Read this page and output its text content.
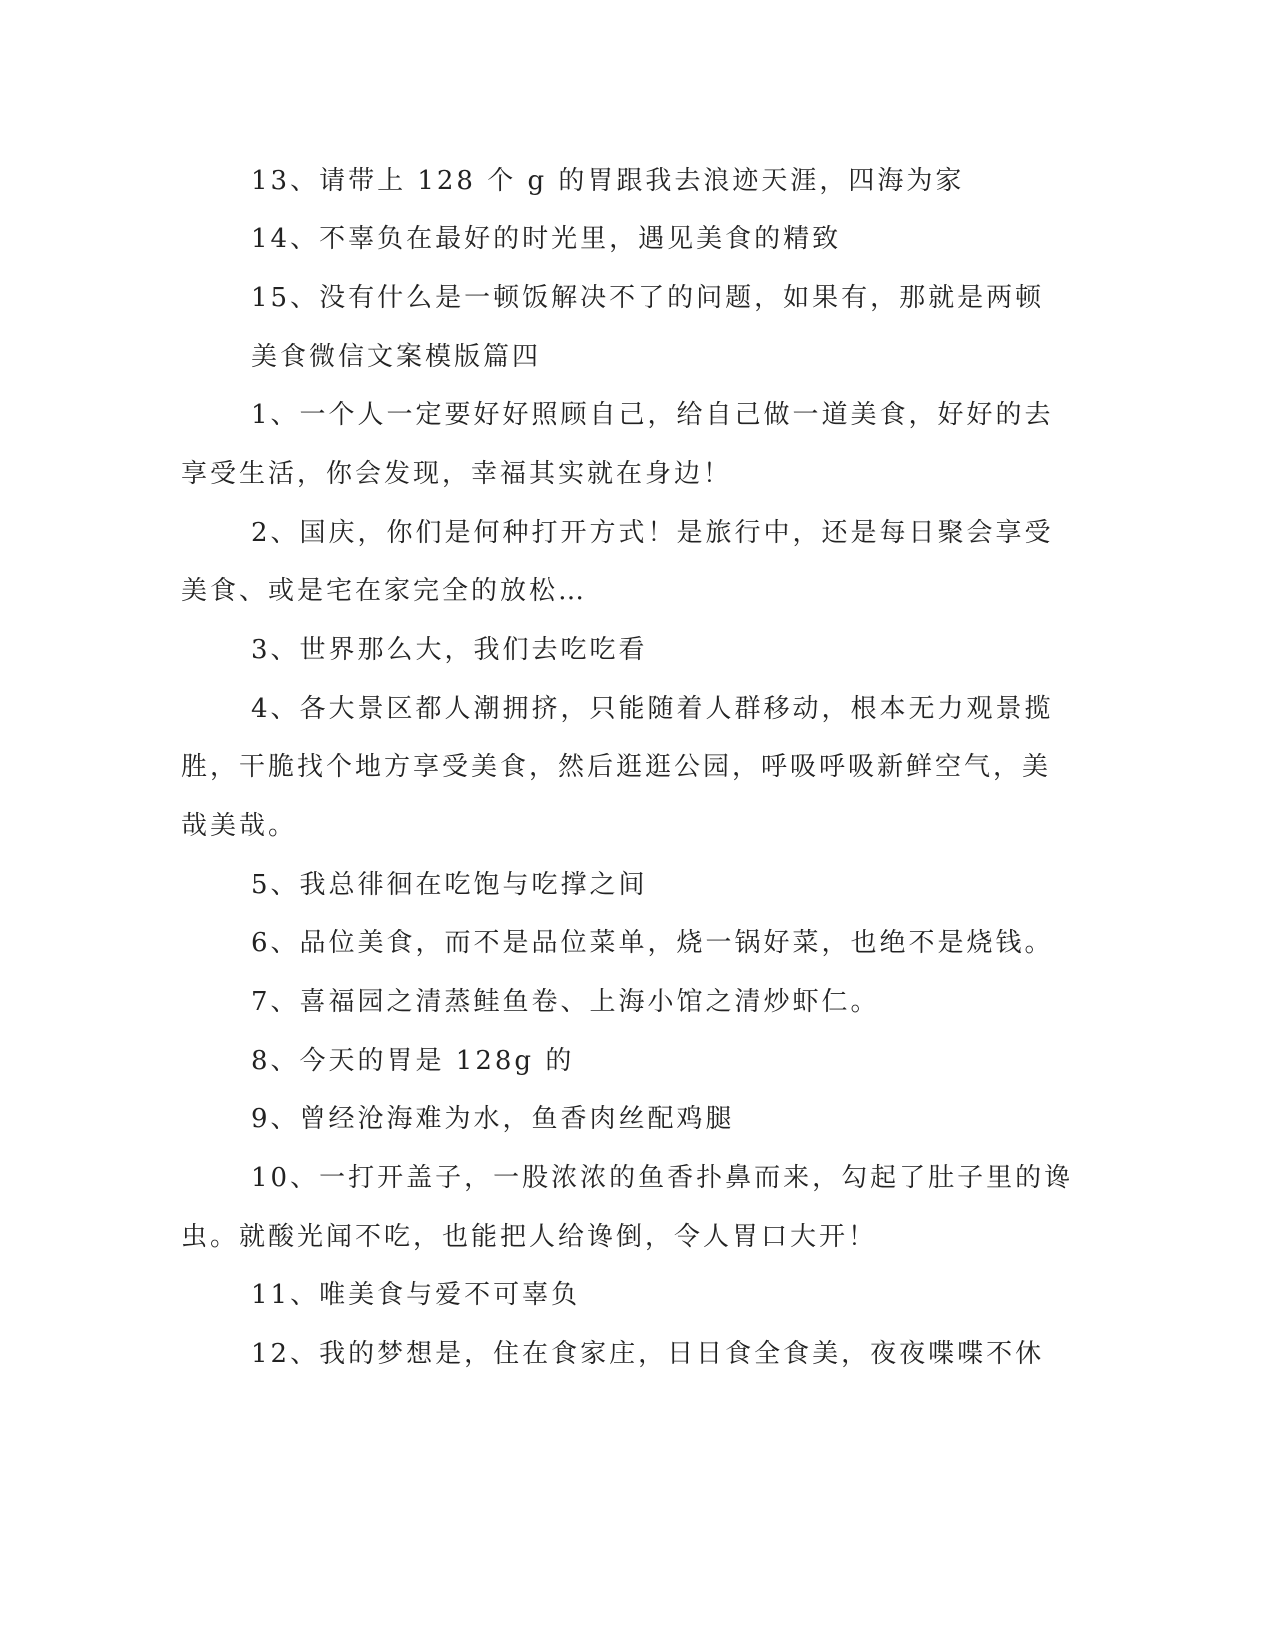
13、请带上 128 个 g 的胃跟我去浪迹天涯，四海为家
14、不辜负在最好的时光里，遇见美食的精致
15、没有什么是一顿饭解决不了的问题，如果有，那就是两顿
美食微信文案模版篇四
1、一个人一定要好好照顾自己，给自己做一道美食，好好的去
享受生活，你会发现，幸福其实就在身边！
2、国庆，你们是何种打开方式！是旅行中，还是每日聚会享受
美食、或是宅在家完全的放松…
3、世界那么大，我们去吃吃看
4、各大景区都人潮拥挤，只能随着人群移动，根本无力观景揽
胜，干脆找个地方享受美食，然后逛逛公园，呼吸呼吸新鲜空气，美
哉美哉。
5、我总徘徊在吃饱与吃撑之间
6、品位美食，而不是品位菜单，烧一锅好菜，也绝不是烧钱。
7、喜福园之清蒸鲑鱼卷、上海小馆之清炒虾仁。
8、今天的胃是 128g 的
9、曾经沧海难为水，鱼香肉丝配鸡腿
10、一打开盖子，一股浓浓的鱼香扑鼻而来，勾起了肚子里的谗
虫。就酸光闻不吃，也能把人给谗倒，令人胃口大开！
11、唯美食与爱不可辜负
12、我的梦想是，住在食家庄，日日食全食美，夜夜喋喋不休
